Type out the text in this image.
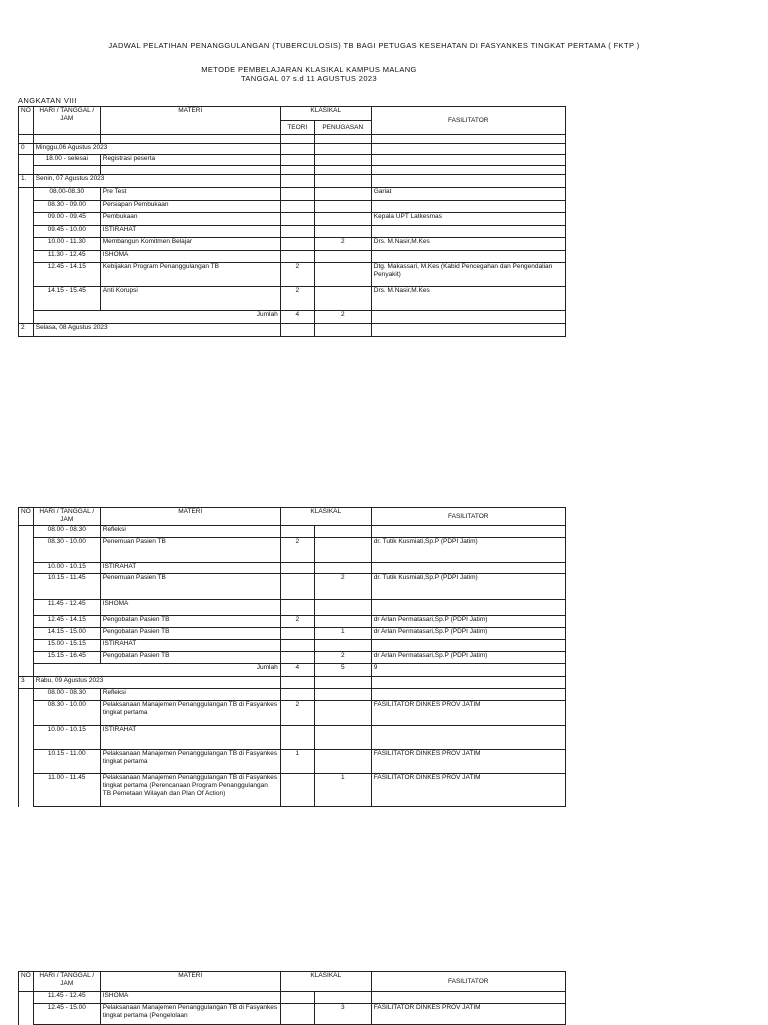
JADWAL PELATIHAN PENANGGULANGAN (TUBERCULOSIS) TB BAGI PETUGAS KESEHATAN DI FASYANKES TINGKAT PERTAMA ( FKTP )
METODE PEMBELAJARAN KLASIKAL KAMPUS MALANG
TANGGAL 07 s.d 11 AGUSTUS 2023
ANGKATAN VIII
NO	HARI / TANGGAL / JAM	MATERI	KLASIKAL		FASILITATOR
			TEORI	PENUGASAN	

0	Minggu,06 Agustus 2023				
	18.00 - selesai	Registrasi peserta			

1.	Senin, 07 Agustus 2023				
	08.00-08.30	Pre Test			Gariat
	08.30 - 09.00	Persiapan Pembukaan			
	09.00 - 09.45	Pembukaan			Kepala UPT Latkesmas
	09.45 - 10.00	ISTIRAHAT			
	10.00 - 11.30	Membangun Komitmen Belajar		2	Drs. M.Nasir,M.Kes
	11.30 - 12.45	ISHOMA			
	12.45 - 14.15	Kebijakan Program Penanggulangan TB	2		Dtg. Makassari, M.Kes (Kabid Pencegahan dan Pengendalian Penyakit)
	14.15 - 15.45	Anti Korupsi	2		Drs. M.Nasir,M.Kes
	Jumlah		4	2	
2	Selasa, 08 Agustus 2023				
NO	HARI / TANGGAL / JAM	MATERI	KLASIKAL		FASILITATOR
	08.00 - 08.30	Refleksi			
	08.30 - 10.00	Penemuan Pasien TB	2		dr. Tutik Kusmiati,Sp.P (PDPI Jatim)
	10.00 - 10.15	ISTIRAHAT			
	10.15 - 11.45	Penemuan Pasien TB		2	dr. Tutik Kusmiati,Sp.P (PDPI Jatim)
	11.45 - 12.45	ISHOMA			
	12.45 - 14.15	Pengobatan Pasien TB	2		dr Arlan Permatasari,Sp.P (PDPI Jatim)
	14.15 - 15.00	Pengobatan Pasien TB		1	dr Arlan Permatasari,Sp.P (PDPI Jatim)
	15.00 - 15.15	ISTIRAHAT			
	15.15 - 16.45	Pengobatan Pasien TB		2	dr Arlan Permatasari,Sp.P (PDPI Jatim)
	Jumlah		4	5	9
3	Rabu, 09 Agustus 2023				
	08.00 - 08.30	Refleksi			
	08.30 - 10.00	Pelaksanaan Manajemen Penanggulangan TB di Fasyankes tingkat pertama	2		FASILITATOR DINKES PROV JATIM
	10.00 - 10.15	ISTIRAHAT			
	10.15 - 11.00	Pelaksanaan Manajemen Penanggulangan TB di Fasyankes tingkat pertama	1		FASILITATOR DINKES PROV JATIM
	11.00 - 11.45	Pelaksanaan Manajemen Penanggulangan TB di Fasyankes tingkat pertama (Perencanaan Program Penanggulangan TB Pemetaan Wilayah dan Plan Of Action)		1	FASILITATOR DINKES PROV JATIM
NO	HARI / TANGGAL / JAM	MATERI	KLASIKAL		FASILITATOR
	11.45 - 12.45	ISHOMA			
	12.45 - 15.00	Pelaksanaan Manajemen Penanggulangan TB di Fasyankes tingkat pertama (Pengelolaan		3	FASILITATOR DINKES PROV JATIM
